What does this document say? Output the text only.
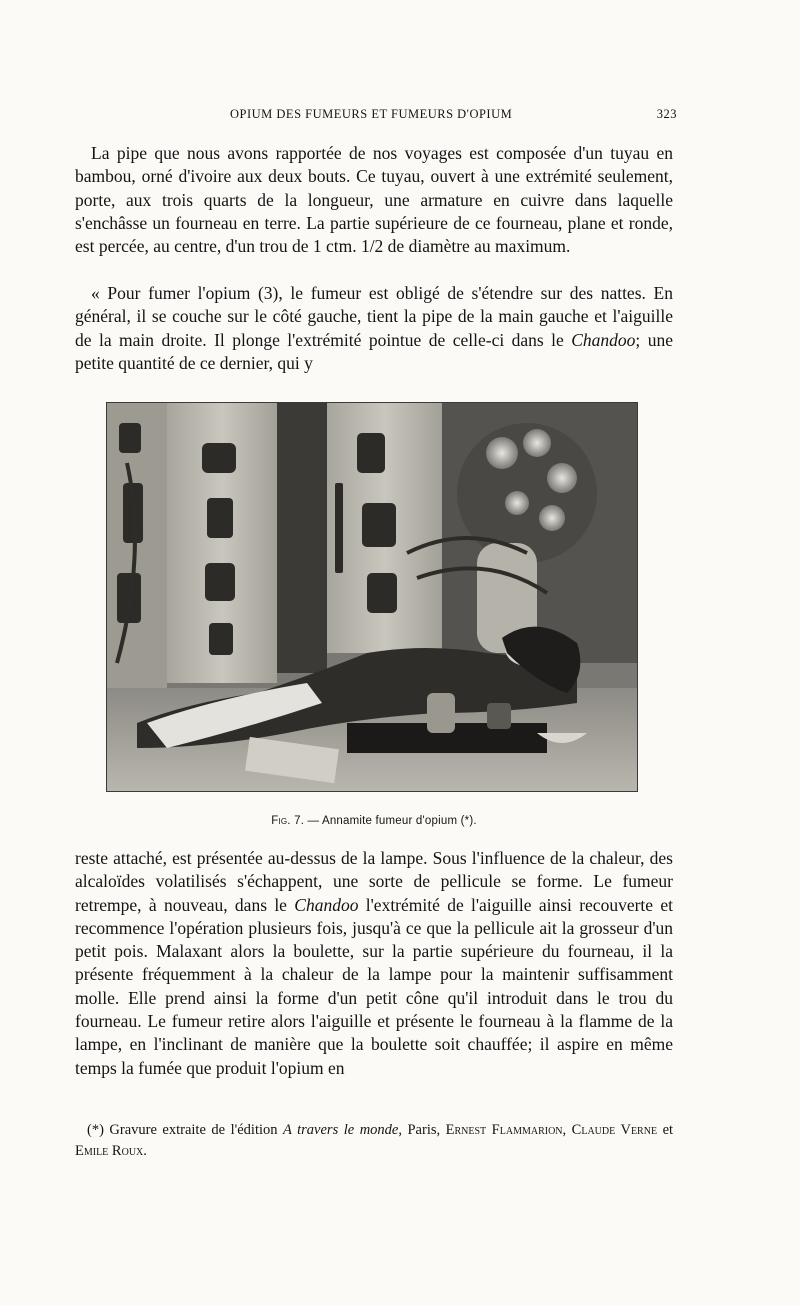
OPIUM DES FUMEURS ET FUMEURS D'OPIUM	323

La pipe que nous avons rapportée de nos voyages est composée d'un tuyau en bambou, orné d'ivoire aux deux bouts. Ce tuyau, ouvert à une extrémité seulement, porte, aux trois quarts de la longueur, une armature en cuivre dans laquelle s'enchâsse un fourneau en terre. La partie supérieure de ce fourneau, plane et ronde, est percée, au centre, d'un trou de 1 ctm. 1/2 de diamètre au maximum.

« Pour fumer l'opium (3), le fumeur est obligé de s'étendre sur des nattes. En général, il se couche sur le côté gauche, tient la pipe de la main gauche et l'aiguille de la main droite. Il plonge l'extrémité pointue de celle-ci dans le Chandoo; une petite quantité de ce dernier, qui y

Fig. 7. — Annamite fumeur d'opium (*).

reste attaché, est présentée au-dessus de la lampe. Sous l'influence de la chaleur, des alcaloïdes volatilisés s'échappent, une sorte de pellicule se forme. Le fumeur retrempe, à nouveau, dans le Chandoo l'extrémité de l'aiguille ainsi recouverte et recommence l'opération plusieurs fois, jusqu'à ce que la pellicule ait la grosseur d'un petit pois. Malaxant alors la boulette, sur la partie supérieure du fourneau, il la présente fréquemment à la chaleur de la lampe pour la maintenir suffisamment molle. Elle prend ainsi la forme d'un petit cône qu'il introduit dans le trou du fourneau. Le fumeur retire alors l'aiguille et présente le fourneau à la flamme de la lampe, en l'inclinant de manière que la boulette soit chauffée; il aspire en même temps la fumée que produit l'opium en

(*) Gravure extraite de l'édition A travers le monde, Paris, Ernest Flammarion, Claude Verne et Emile Roux.
